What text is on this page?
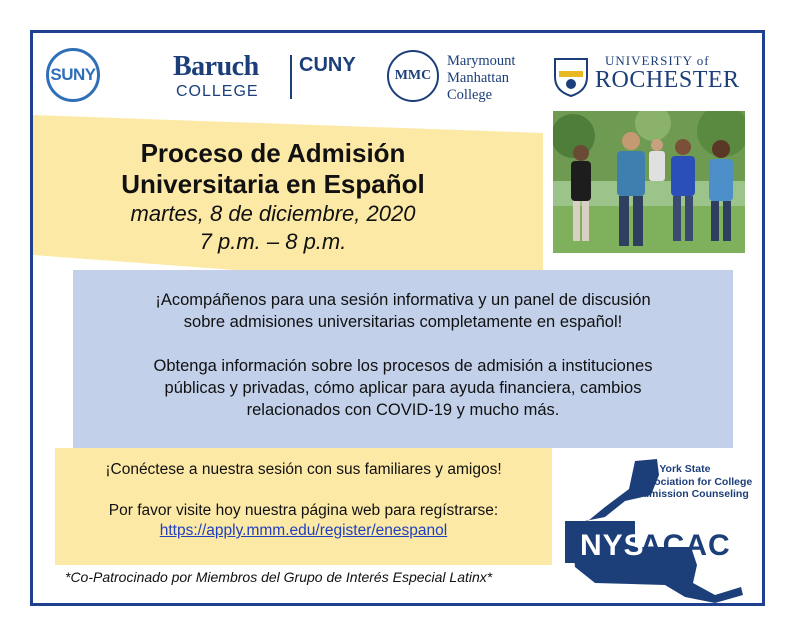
SUNY	Baruch
COLLEGE
CUNY	MMC
Marymount
Manhattan
College
UNIVERSITY of
ROCHESTER
Proceso de Admisión
Universitaria en Español
martes, 8 de diciembre, 2020
7 p.m. – 8 p.m.

¡Acompáñenos para una sesión informativa y un panel de discusión

sobre admisiones universitarias completamente en español!

Obtenga información sobre los procesos de admisión a instituciones

públicas y privadas, cómo aplicar para ayuda financiera, cambios

relacionados con COVID-19 y mucho más.

¡Conéctese a nuestra sesión con sus familiares y amigos!

Por favor visite hoy nuestra página web para regístrarse:

https://apply.mmm.edu/register/enespanol

New York State
Association for College
Admission Counseling
NYS
ACAC
*Co-Patrocinado por Miembros del Grupo de Interés Especial Latinx*
